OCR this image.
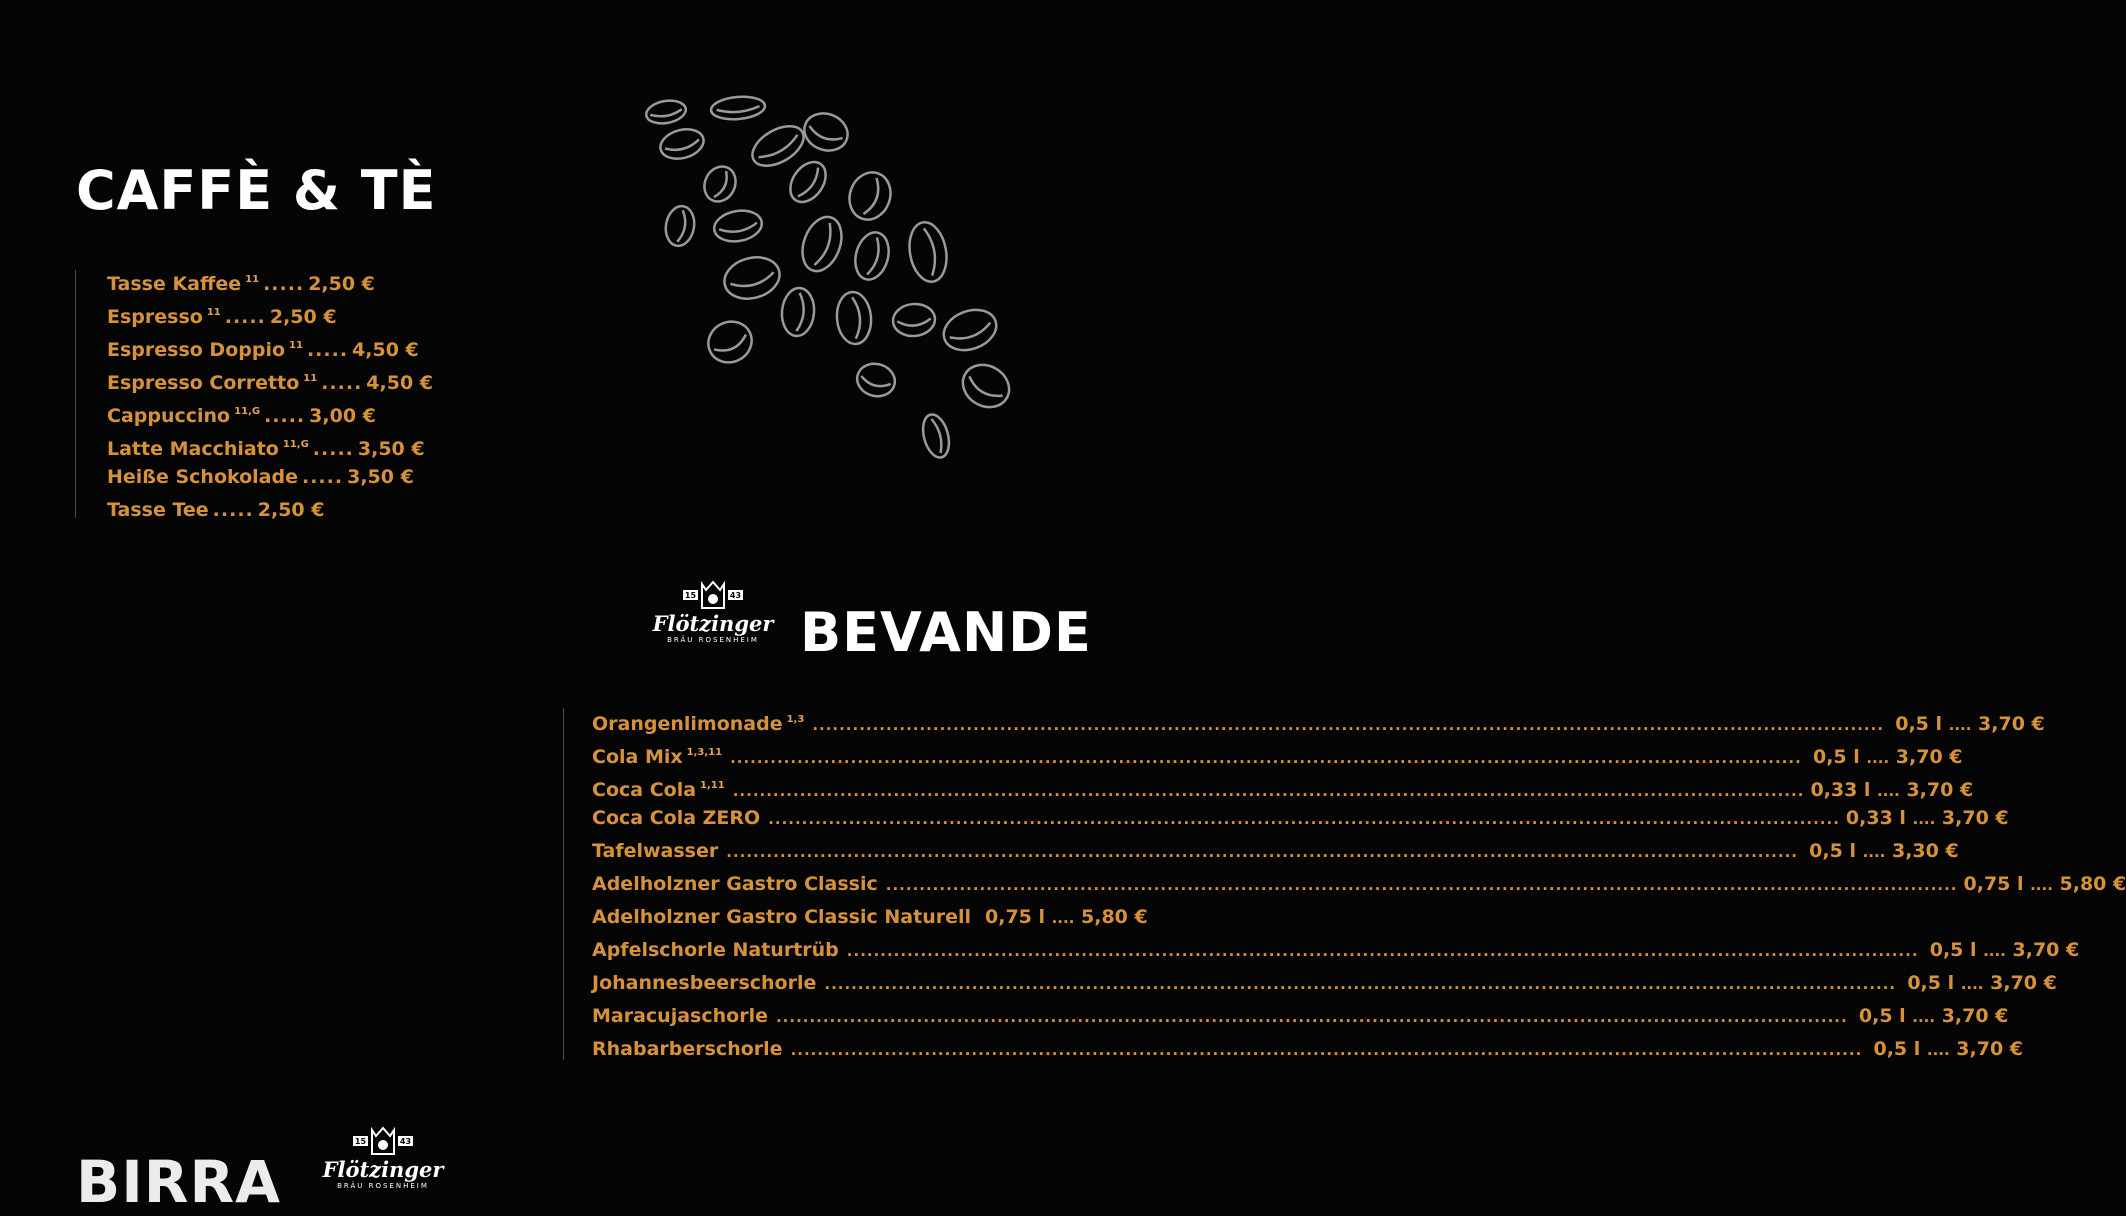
CAFFÈ & TÈ
Tasse Kaffee $^{11}$ ..... 2,50 €
Espresso $^{11}$ ..... 2,50 €
Espresso Doppio $^{11}$ ..... 4,50 €
Espresso Corretto $^{11}$ ..... 4,50 €
Cappuccino $^{11,G}$ ..... 3,00 €
Latte Macchiato $^{11,G}$ ..... 3,50 €
Heiße Schokolade ..... 3,50 €
Tasse Tee ..... 2,50 €
15	43
Flötzinger
BRÄU ROSENHEIM BEVANDE
Orangenlimonade $^{1,3}$ ................................................................................................................................................................ 0,5 l .... 3,70 €
Cola Mix $^{1,3,11}$ ................................................................................................................................................................ 0,5 l .... 3,70 €
Coca Cola $^{1,11}$ ................................................................................................................................................................ 0,33 l .... 3,70 €
Coca Cola ZERO ................................................................................................................................................................ 0,33 l .... 3,70 €
Tafelwasser ................................................................................................................................................................ 0,5 l .... 3,30 €
Adelholzner Gastro Classic ................................................................................................................................................................ 0,75 l .... 5,80 €
Adelholzner Gastro Classic Naturell 0,75 l .... 5,80 €
Apfelschorle Naturtrüb ................................................................................................................................................................ 0,5 l .... 3,70 €
Johannesbeerschorle ................................................................................................................................................................ 0,5 l .... 3,70 €
Maracujaschorle ................................................................................................................................................................ 0,5 l .... 3,70 €
Rhabarberschorle ................................................................................................................................................................ 0,5 l .... 3,70 €
BIRRA
15	43
Flötzinger
BRÄU ROSENHEIM
